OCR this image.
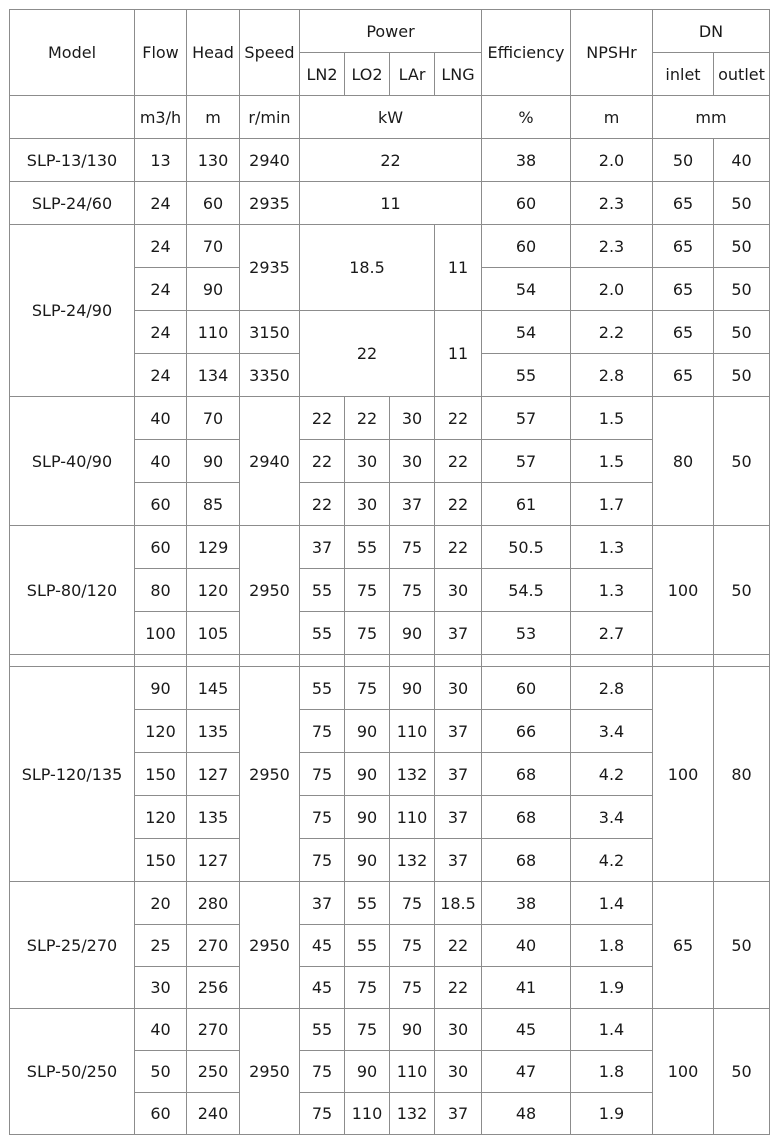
Model	Flow	Head	Speed	Power				Efficiency	NPSHr	DN	
				LN2	LO2	LAr	LNG			inlet	outlet
	m3/h	m	r/min	kW				%	m	mm	
SLP-13/130	13	130	2940	22				38	2.0	50	40
SLP-24/60	24	60	2935	11				60	2.3	65	50
SLP-24/90	24	70	2935	18.5			11	60	2.3	65	50
	24	90						54	2.0	65	50
	24	110	3150	22			11	54	2.2	65	50
	24	134	3350					55	2.8	65	50
SLP-40/90	40	70	2940	22	22	30	22	57	1.5	80	50
	40	90		22	30	30	22	57	1.5		
	60	85		22	30	37	22	61	1.7		
SLP-80/120	60	129	2950	37	55	75	22	50.5	1.3	100	50
	80	120		55	75	75	30	54.5	1.3		
	100	105		55	75	90	37	53	2.7		

SLP-120/135	90	145	2950	55	75	90	30	60	2.8	100	80
	120	135		75	90	110	37	66	3.4		
	150	127		75	90	132	37	68	4.2		
	120	135		75	90	110	37	68	3.4		
	150	127		75	90	132	37	68	4.2		
SLP-25/270	20	280	2950	37	55	75	18.5	38	1.4	65	50
	25	270		45	55	75	22	40	1.8		
	30	256		45	75	75	22	41	1.9		
SLP-50/250	40	270	2950	55	75	90	30	45	1.4	100	50
	50	250		75	90	110	30	47	1.8		
	60	240		75	110	132	37	48	1.9		
